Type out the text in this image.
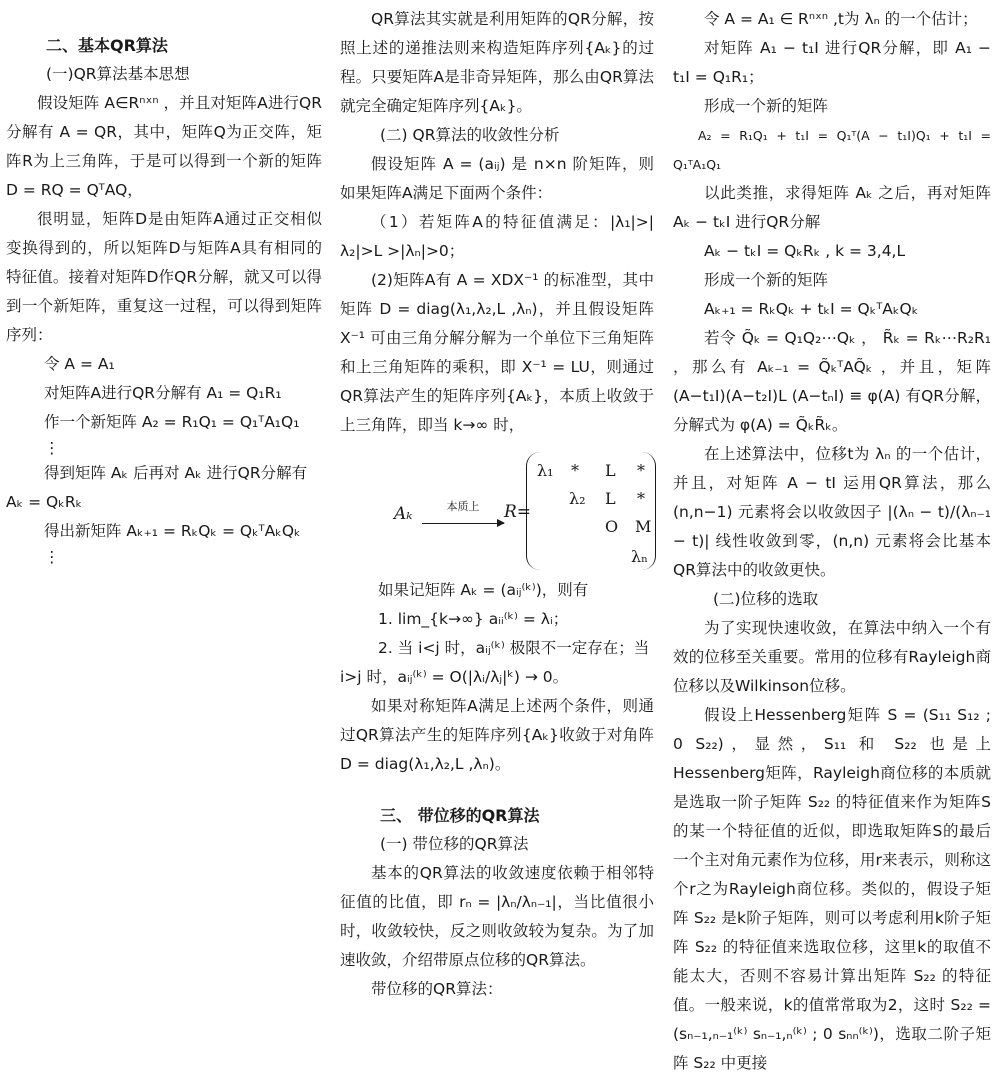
二、基本QR算法

(一)QR算法基本思想

假设矩阵 A∈Rⁿˣⁿ ，并且对矩阵A进行QR分解有 A = QR，其中，矩阵Q为正交阵，矩阵R为上三角阵，于是可以得到一个新的矩阵 D = RQ = QᵀAQ，

很明显，矩阵D是由矩阵A通过正交相似变换得到的，所以矩阵D与矩阵A具有相同的特征值。接着对矩阵D作QR分解，就又可以得到一个新矩阵，重复这一过程，可以得到矩阵序列：

令 A = A₁

对矩阵A进行QR分解有 A₁ = Q₁R₁

作一个新矩阵 A₂ = R₁Q₁ = Q₁ᵀA₁Q₁

⋮

得到矩阵 Aₖ 后再对 Aₖ 进行QR分解有

Aₖ = QₖRₖ

得出新矩阵 Aₖ₊₁ = RₖQₖ = QₖᵀAₖQₖ

⋮

QR算法其实就是利用矩阵的QR分解，按照上述的递推法则来构造矩阵序列{Aₖ}的过程。只要矩阵A是非奇异矩阵，那么由QR算法就完全确定矩阵序列{Aₖ}。

(二) QR算法的收敛性分析

假设矩阵 A = (aᵢⱼ) 是 n×n 阶矩阵，则如果矩阵A满足下面两个条件：

（1）若矩阵A的特征值满足：|λ₁|>|λ₂|>L >|λₙ|>0；

(2)矩阵A有 A = XDX⁻¹ 的标准型，其中矩阵 D = diag(λ₁,λ₂,L ,λₙ)，并且假设矩阵 X⁻¹ 可由三角分解分解为一个单位下三角矩阵和上三角矩阵的乘积，即 X⁻¹ = LU，则通过QR算法产生的矩阵序列{Aₖ}，本质上收敛于上三角阵，即当 k→∞ 时，

Aₖ	本质上	R=
λ₁ * L *
λ₂ L *
O M
λₙ

如果记矩阵 Aₖ = (aᵢⱼ⁽ᵏ⁾)，则有

1. lim_{k→∞} aᵢᵢ⁽ᵏ⁾ = λᵢ；

2. 当 i<j 时，aᵢⱼ⁽ᵏ⁾ 极限不一定存在；当

i>j 时，aᵢⱼ⁽ᵏ⁾ = O(|λᵢ/λⱼ|ᵏ) → 0。

如果对称矩阵A满足上述两个条件，则通过QR算法产生的矩阵序列{Aₖ}收敛于对角阵 D = diag(λ₁,λ₂,L ,λₙ)。

三、 带位移的QR算法

(一) 带位移的QR算法

基本的QR算法的收敛速度依赖于相邻特征值的比值，即 rₙ = |λₙ/λₙ₋₁|，当比值很小时，收敛较快，反之则收敛较为复杂。为了加速收敛，介绍带原点位移的QR算法。

带位移的QR算法：

令 A = A₁ ∈ Rⁿˣⁿ ,t为 λₙ 的一个估计；

对矩阵 A₁ − t₁I 进行QR分解，即 A₁ − t₁I = Q₁R₁；

形成一个新的矩阵

A₂ = R₁Q₁ + t₁I = Q₁ᵀ(A − t₁I)Q₁ + t₁I = Q₁ᵀA₁Q₁

以此类推，求得矩阵 Aₖ 之后，再对矩阵 Aₖ − tₖI 进行QR分解

Aₖ − tₖI = QₖRₖ , k = 3,4,L

形成一个新的矩阵

Aₖ₊₁ = RₖQₖ + tₖI = QₖᵀAₖQₖ

若令 Q̃ₖ = Q₁Q₂⋯Qₖ ， R̃ₖ = Rₖ⋯R₂R₁ ，那么有 Aₖ₋₁ = Q̃ₖᵀAQ̃ₖ ，并且，矩阵 (A−t₁I)(A−t₂I)L (A−tₙI) ≡ φ(A) 有QR分解，分解式为 φ(A) = Q̃ₖR̃ₖ。

在上述算法中，位移t为 λₙ 的一个估计，并且，对矩阵 A − tI 运用QR算法，那么 (n,n−1) 元素将会以收敛因子 |(λₙ − t)/(λₙ₋₁ − t)| 线性收敛到零，(n,n) 元素将会比基本QR算法中的收敛更快。

(二)位移的选取

为了实现快速收敛，在算法中纳入一个有效的位移至关重要。常用的位移有Rayleigh商位移以及Wilkinson位移。

假设上Hessenberg矩阵 S = (S₁₁ S₁₂ ; 0 S₂₂)，显然，S₁₁ 和 S₂₂ 也是上Hessenberg矩阵，Rayleigh商位移的本质就是选取一阶子矩阵 S₂₂ 的特征值来作为矩阵S的某一个特征值的近似，即选取矩阵S的最后一个主对角元素作为位移，用r来表示，则称这个r之为Rayleigh商位移。类似的，假设子矩阵 S₂₂ 是k阶子矩阵，则可以考虑利用k阶子矩阵 S₂₂ 的特征值来选取位移，这里k的取值不能太大，否则不容易计算出矩阵 S₂₂ 的特征值。一般来说，k的值常常取为2，这时 S₂₂ = (sₙ₋₁,ₙ₋₁⁽ᵏ⁾ sₙ₋₁,ₙ⁽ᵏ⁾ ; 0 sₙₙ⁽ᵏ⁾)，选取二阶子矩阵 S₂₂ 中更接
